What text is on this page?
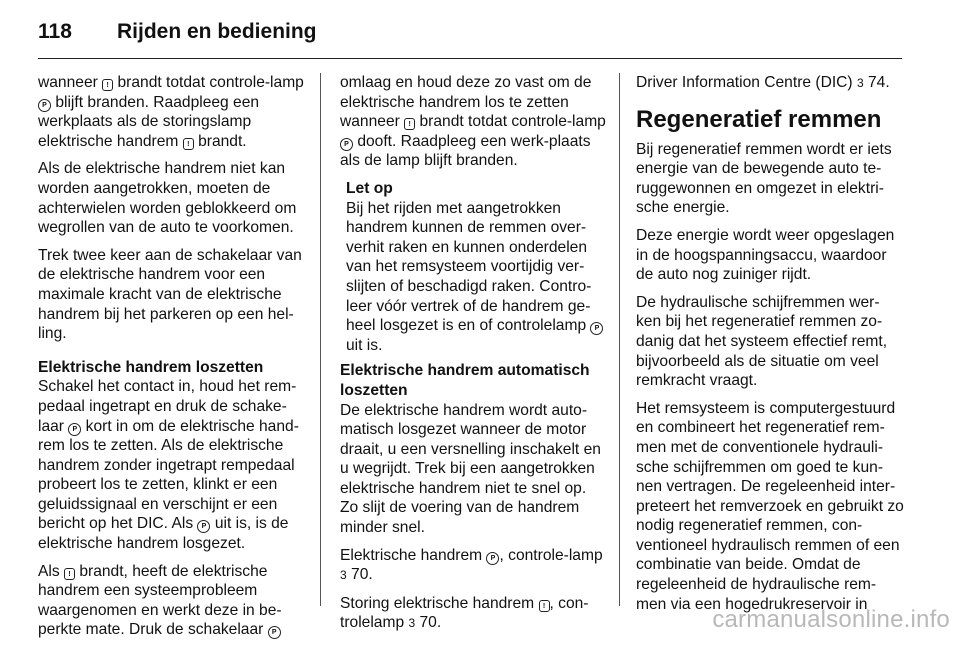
118 Rijden en bediening

wanneer ! brandt totdat controle-lamp P blijft branden. Raadpleeg een werkplaats als de storingslamp elektrische handrem ! brandt.

Als de elektrische handrem niet kan worden aangetrokken, moeten de achterwielen worden geblokkeerd om wegrollen van de auto te voorkomen.

Trek twee keer aan de schakelaar van de elektrische handrem voor een maximale kracht van de elektrische handrem bij het parkeren op een hel-ling.

Elektrische handrem loszetten

Schakel het contact in, houd het rem-pedaal ingetrapt en druk de schake-laar P kort in om de elektrische hand-rem los te zetten. Als de elektrische handrem zonder ingetrapt rempedaal probeert los te zetten, klinkt er een geluidssignaal en verschijnt er een bericht op het DIC. Als P uit is, is de elektrische handrem losgezet.

Als ! brandt, heeft de elektrische handrem een systeemprobleem waargenomen en werkt deze in be-perkte mate. Druk de schakelaar P

omlaag en houd deze zo vast om de elektrische handrem los te zetten wanneer ! brandt totdat controle-lamp P dooft. Raadpleeg een werk-plaats als de lamp blijft branden.

Let op
Bij het rijden met aangetrokken handrem kunnen de remmen over-verhit raken en kunnen onderdelen van het remsysteem voortijdig ver-slijten of beschadigd raken. Contro-leer vóór vertrek of de handrem ge-heel losgezet is en of controlelamp P uit is.
Elektrische handrem automatisch loszetten

De elektrische handrem wordt auto-matisch losgezet wanneer de motor draait, u een versnelling inschakelt en u wegrijdt. Trek bij een aangetrokken elektrische handrem niet te snel op. Zo slijt de voering van de handrem minder snel.

Elektrische handrem P , controle-lamp 3 70.

Storing elektrische handrem ! , con-trolelamp 3 70.

Driver Information Centre (DIC) 3 74.

Regeneratief remmen

Bij regeneratief remmen wordt er iets energie van de bewegende auto te-ruggewonnen en omgezet in elektri-sche energie.

Deze energie wordt weer opgeslagen in de hoogspanningsaccu, waardoor de auto nog zuiniger rijdt.

De hydraulische schijfremmen wer-ken bij het regeneratief remmen zo-danig dat het systeem effectief remt, bijvoorbeeld als de situatie om veel remkracht vraagt.

Het remsysteem is computergestuurd en combineert het regeneratief rem-men met de conventionele hydrauli-sche schijfremmen om goed te kun-nen vertragen. De regeleenheid inter-preteert het remverzoek en gebruikt zo nodig regeneratief remmen, con-ventioneel hydraulisch remmen of een combinatie van beide. Omdat de regeleenheid de hydraulische rem-men via een hogedrukreservoir in

carmanualsonline.info
